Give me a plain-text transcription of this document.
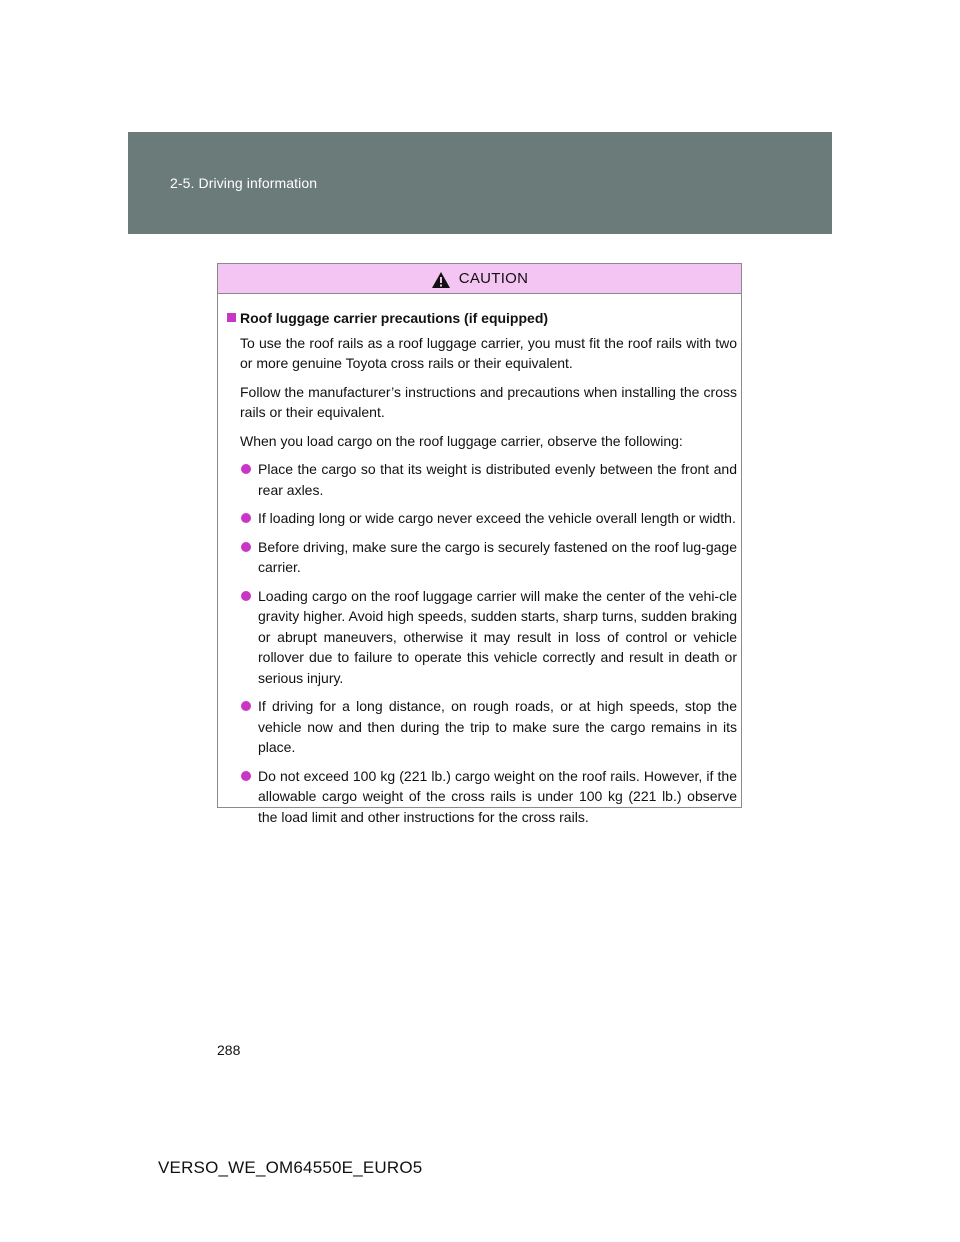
2-5. Driving information
CAUTION
Roof luggage carrier precautions (if equipped)
To use the roof rails as a roof luggage carrier, you must fit the roof rails with two or more genuine Toyota cross rails or their equivalent.
Follow the manufacturer’s instructions and precautions when installing the cross rails or their equivalent.
When you load cargo on the roof luggage carrier, observe the following:
Place the cargo so that its weight is distributed evenly between the front and rear axles.
If loading long or wide cargo never exceed the vehicle overall length or width.
Before driving, make sure the cargo is securely fastened on the roof lug-gage carrier.
Loading cargo on the roof luggage carrier will make the center of the vehi-cle gravity higher. Avoid high speeds, sudden starts, sharp turns, sudden braking or abrupt maneuvers, otherwise it may result in loss of control or vehicle rollover due to failure to operate this vehicle correctly and result in death or serious injury.
If driving for a long distance, on rough roads, or at high speeds, stop the vehicle now and then during the trip to make sure the cargo remains in its place.
Do not exceed 100 kg (221 lb.) cargo weight on the roof rails. However, if the allowable cargo weight of the cross rails is under 100 kg (221 lb.) observe the load limit and other instructions for the cross rails.
288
VERSO_WE_OM64550E_EURO5
